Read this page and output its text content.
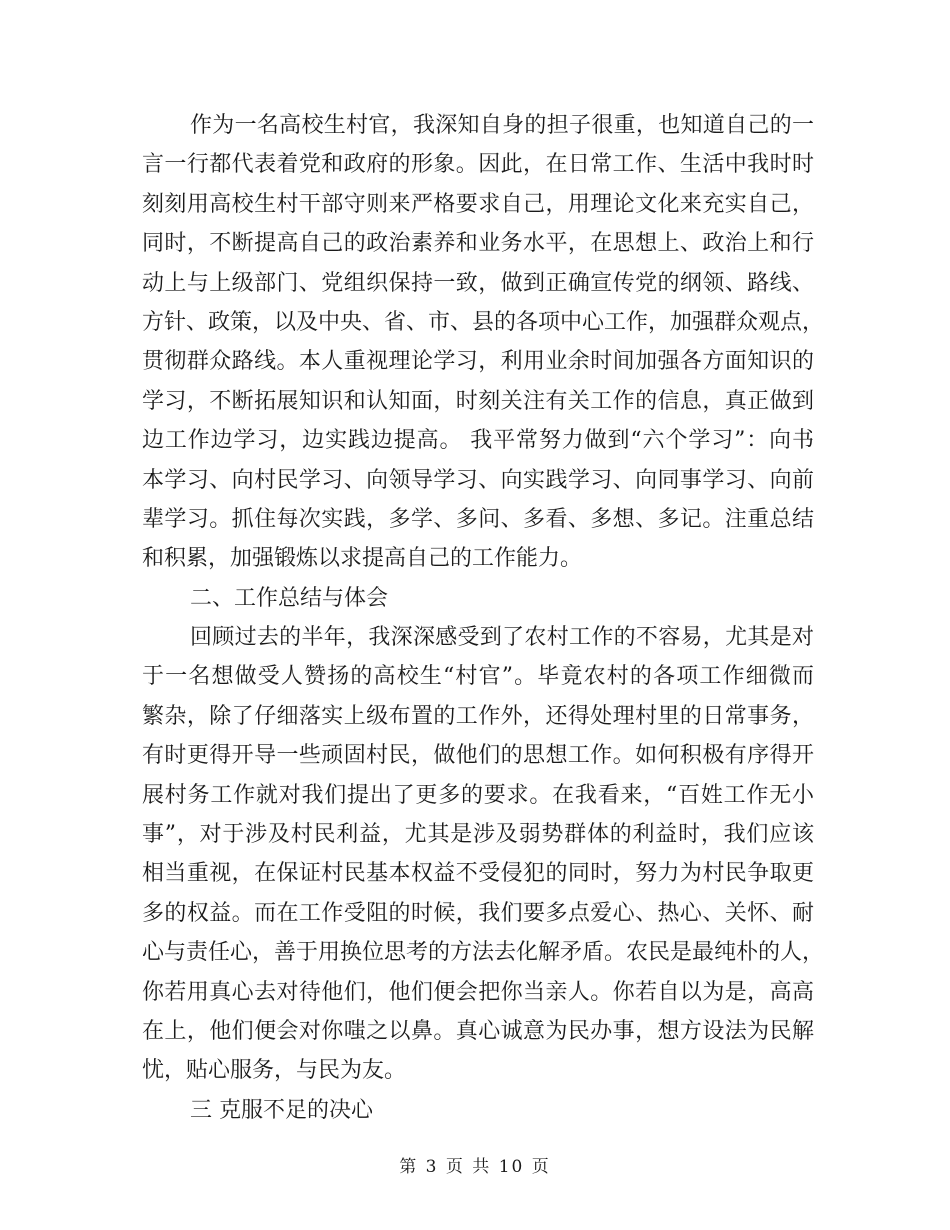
作为一名高校生村官，我深知自身的担子很重，也知道自己的一
言一行都代表着党和政府的形象。因此，在日常工作、生活中我时时
刻刻用高校生村干部守则来严格要求自己，用理论文化来充实自己，
同时，不断提高自己的政治素养和业务水平，在思想上、政治上和行
动上与上级部门、党组织保持一致，做到正确宣传党的纲领、路线、
方针、政策，以及中央、省、市、县的各项中心工作，加强群众观点，
贯彻群众路线。本人重视理论学习，利用业余时间加强各方面知识的
学习，不断拓展知识和认知面，时刻关注有关工作的信息，真正做到
边工作边学习，边实践边提高。 我平常努力做到“六个学习”：向书
本学习、向村民学习、向领导学习、向实践学习、向同事学习、向前
辈学习。抓住每次实践，多学、多问、多看、多想、多记。注重总结
和积累，加强锻炼以求提高自己的工作能力。
二、工作总结与体会
回顾过去的半年，我深深感受到了农村工作的不容易，尤其是对
于一名想做受人赞扬的高校生“村官”。毕竟农村的各项工作细微而
繁杂，除了仔细落实上级布置的工作外，还得处理村里的日常事务，
有时更得开导一些顽固村民，做他们的思想工作。如何积极有序得开
展村务工作就对我们提出了更多的要求。在我看来，“百姓工作无小
事”，对于涉及村民利益，尤其是涉及弱势群体的利益时，我们应该
相当重视，在保证村民基本权益不受侵犯的同时，努力为村民争取更
多的权益。而在工作受阻的时候，我们要多点爱心、热心、关怀、耐
心与责任心，善于用换位思考的方法去化解矛盾。农民是最纯朴的人，
你若用真心去对待他们，他们便会把你当亲人。你若自以为是，高高
在上，他们便会对你嗤之以鼻。真心诚意为民办事，想方设法为民解
忧，贴心服务，与民为友。
三 克服不足的决心
第 3 页 共 10 页
